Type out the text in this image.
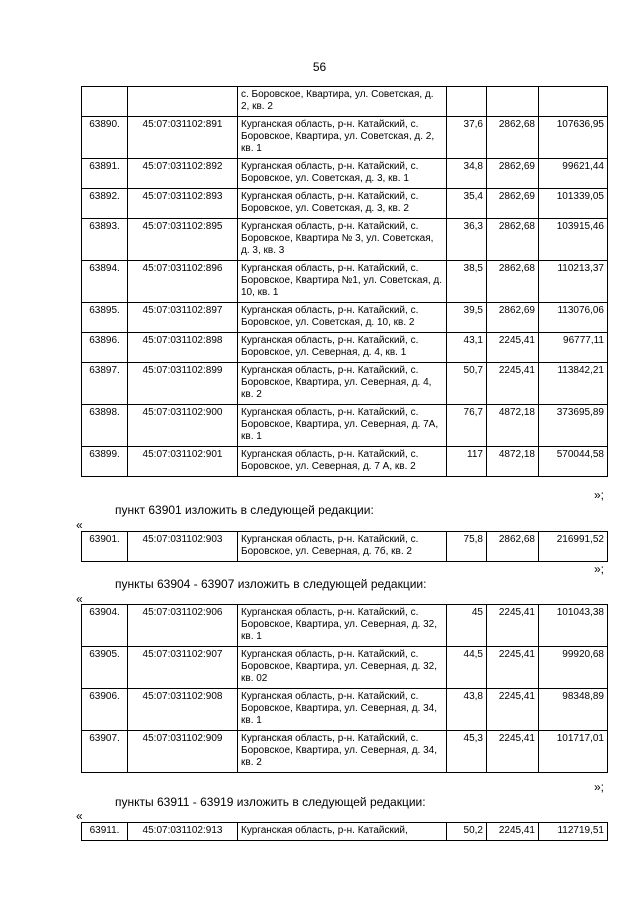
56
		с. Боровское, Квартира, ул. Советская, д. 2, кв. 2			
63890.	45:07:031102:891	Курганская область, р-н. Катайский, с. Боровское, Квартира, ул. Советская, д. 2, кв. 1	37,6	2862,68	107636,95
63891.	45:07:031102:892	Курганская область, р-н. Катайский, с. Боровское, ул. Советская, д. 3, кв. 1	34,8	2862,69	99621,44
63892.	45:07:031102:893	Курганская область, р-н. Катайский, с. Боровское, ул. Советская, д. 3, кв. 2	35,4	2862,69	101339,05
63893.	45:07:031102:895	Курганская область, р-н. Катайский, с. Боровское, Квартира № 3, ул. Советская, д. 3, кв. 3	36,3	2862,68	103915,46
63894.	45:07:031102:896	Курганская область, р-н. Катайский, с. Боровское, Квартира №1, ул. Советская, д. 10, кв. 1	38,5	2862,68	110213,37
63895.	45:07:031102:897	Курганская область, р-н. Катайский, с. Боровское, ул. Советская, д. 10, кв. 2	39,5	2862,69	113076,06
63896.	45:07:031102:898	Курганская область, р-н. Катайский, с. Боровское, ул. Северная, д. 4, кв. 1	43,1	2245,41	96777,11
63897.	45:07:031102:899	Курганская область, р-н. Катайский, с. Боровское, Квартира, ул. Северная, д. 4, кв. 2	50,7	2245,41	113842,21
63898.	45:07:031102:900	Курганская область, р-н. Катайский, с. Боровское, Квартира, ул. Северная, д. 7А, кв. 1	76,7	4872,18	373695,89
63899.	45:07:031102:901	Курганская область, р-н. Катайский, с. Боровское, ул. Северная, д. 7 А, кв. 2	117	4872,18	570044,58
»;
пункт 63901 изложить в следующей редакции:
«
63901.	45:07:031102:903	Курганская область, р-н. Катайский, с. Боровское, ул. Северная, д. 7б, кв. 2	75,8	2862,68	216991,52
»;
пункты 63904 - 63907 изложить в следующей редакции:
«
63904.	45:07:031102:906	Курганская область, р-н. Катайский, с. Боровское, Квартира, ул. Северная, д. 32, кв. 1	45	2245,41	101043,38
63905.	45:07:031102:907	Курганская область, р-н. Катайский, с. Боровское, Квартира, ул. Северная, д. 32, кв. 02	44,5	2245,41	99920,68
63906.	45:07:031102:908	Курганская область, р-н. Катайский, с. Боровское, Квартира, ул. Северная, д. 34, кв. 1	43,8	2245,41	98348,89
63907.	45:07:031102:909	Курганская область, р-н. Катайский, с. Боровское, Квартира, ул. Северная, д. 34, кв. 2	45,3	2245,41	101717,01
»;
пункты 63911 - 63919 изложить в следующей редакции:
«
63911.	45:07:031102:913	Курганская область, р-н. Катайский,	50,2	2245,41	112719,51
